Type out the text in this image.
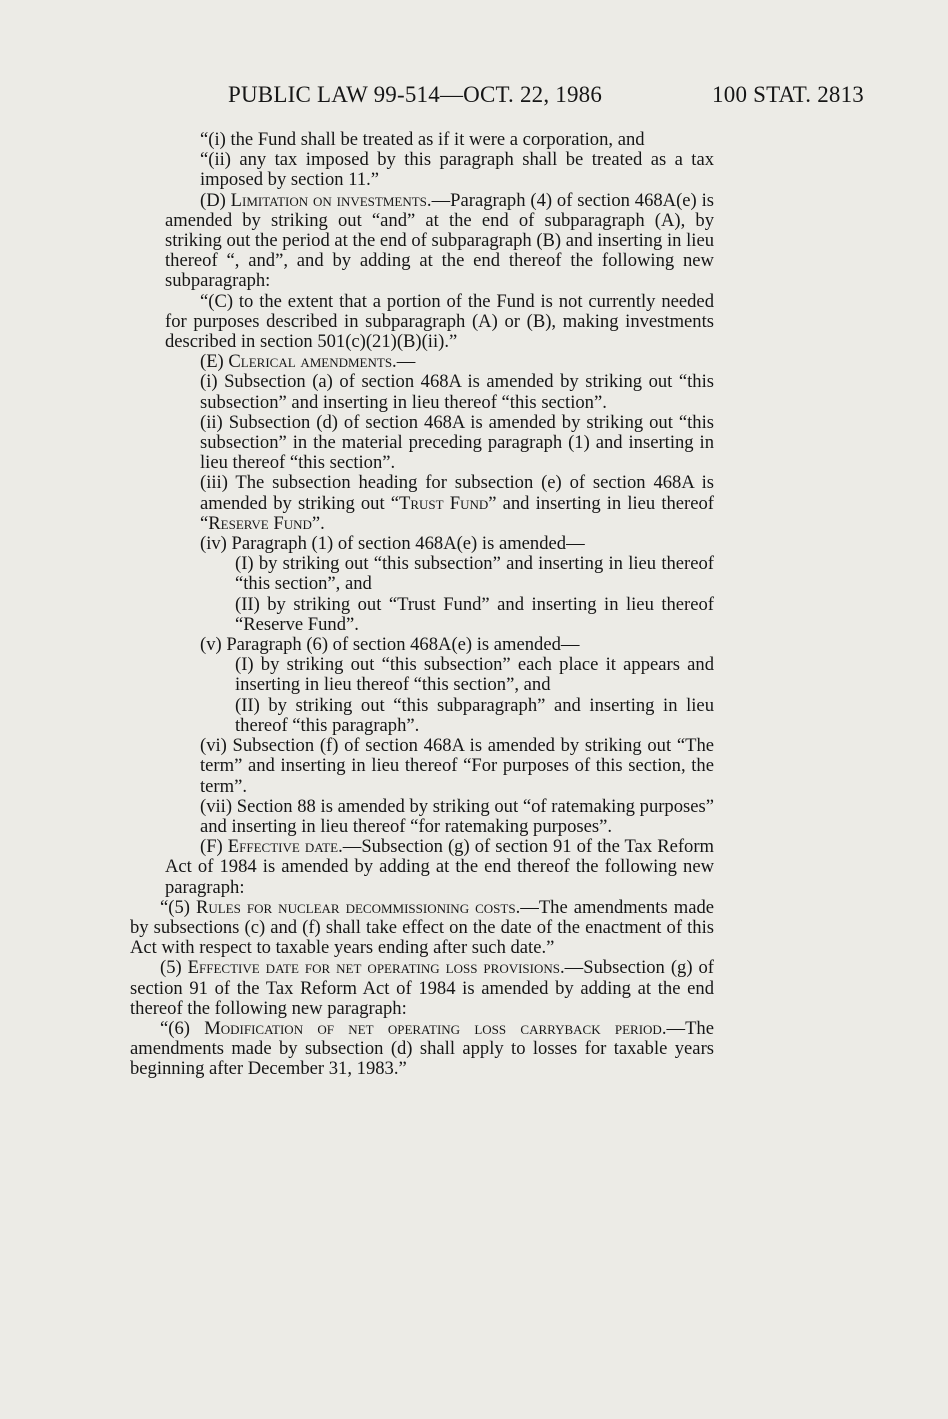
PUBLIC LAW 99-514—OCT. 22, 1986	100 STAT. 2813

“(i) the Fund shall be treated as if it were a corporation, and

“(ii) any tax imposed by this paragraph shall be treated as a tax imposed by section 11.”

(D) Limitation on investments.—Paragraph (4) of section 468A(e) is amended by striking out “and” at the end of subparagraph (A), by striking out the period at the end of subparagraph (B) and inserting in lieu thereof “, and”, and by adding at the end thereof the following new subparagraph:

“(C) to the extent that a portion of the Fund is not currently needed for purposes described in subparagraph (A) or (B), making investments described in section 501(c)(21)(B)(ii).”

(E) Clerical amendments.—

(i) Subsection (a) of section 468A is amended by striking out “this subsection” and inserting in lieu thereof “this section”.

(ii) Subsection (d) of section 468A is amended by striking out “this subsection” in the material preceding paragraph (1) and inserting in lieu thereof “this section”.

(iii) The subsection heading for subsection (e) of section 468A is amended by striking out “Trust Fund” and inserting in lieu thereof “Reserve Fund”.

(iv) Paragraph (1) of section 468A(e) is amended—

(I) by striking out “this subsection” and inserting in lieu thereof “this section”, and

(II) by striking out “Trust Fund” and inserting in lieu thereof “Reserve Fund”.

(v) Paragraph (6) of section 468A(e) is amended—

(I) by striking out “this subsection” each place it appears and inserting in lieu thereof “this section”, and

(II) by striking out “this subparagraph” and inserting in lieu thereof “this paragraph”.

(vi) Subsection (f) of section 468A is amended by striking out “The term” and inserting in lieu thereof “For purposes of this section, the term”.

(vii) Section 88 is amended by striking out “of ratemaking purposes” and inserting in lieu thereof “for ratemaking purposes”.

(F) Effective date.—Subsection (g) of section 91 of the Tax Reform Act of 1984 is amended by adding at the end thereof the following new paragraph:

“(5) Rules for nuclear decommissioning costs.—The amendments made by subsections (c) and (f) shall take effect on the date of the enactment of this Act with respect to taxable years ending after such date.”

(5) Effective date for net operating loss provisions.—Subsection (g) of section 91 of the Tax Reform Act of 1984 is amended by adding at the end thereof the following new paragraph:

“(6) Modification of net operating loss carryback period.—The amendments made by subsection (d) shall apply to losses for taxable years beginning after December 31, 1983.”
